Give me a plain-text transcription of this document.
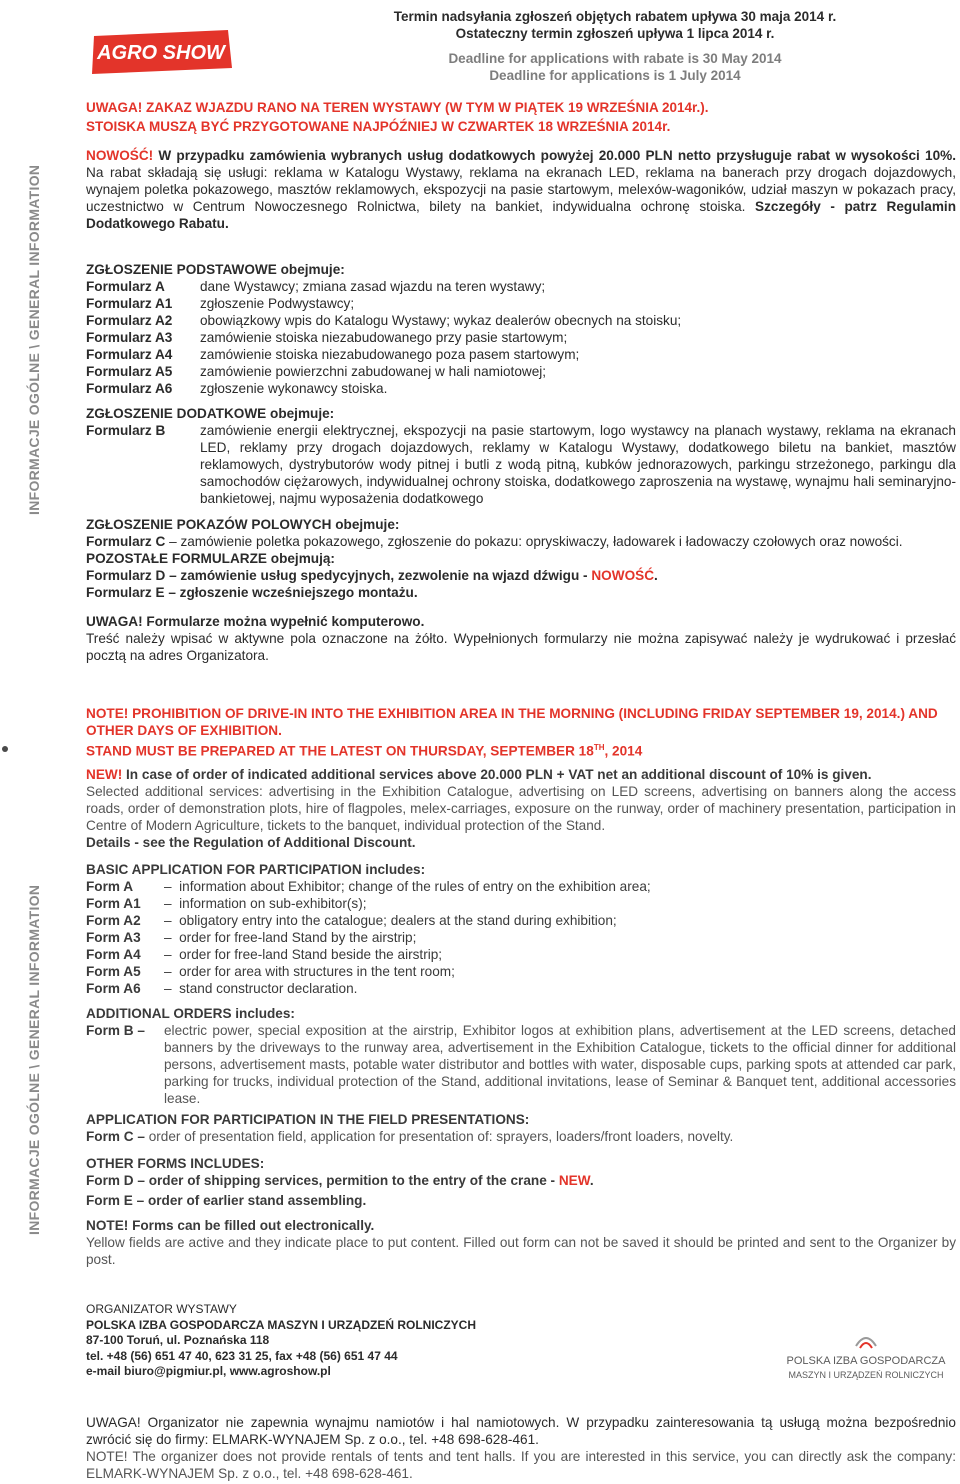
AGRO SHOW
Termin nadsyłania zgłoszeń objętych rabatem upływa 30 maja 2014 r.
Ostateczny termin zgłoszeń upływa 1 lipca 2014 r.
Deadline for applications with rabate is 30 May 2014
Deadline for applications is 1 July 2014
UWAGA! ZAKAZ WJAZDU RANO NA TEREN WYSTAWY (W TYM W PIĄTEK 19 WRZEŚNIA 2014r.).
STOISKA MUSZĄ BYĆ PRZYGOTOWANE NAJPÓŹNIEJ W CZWARTEK 18 WRZEŚNIA 2014r.
INFORMACJE OGÓLNE \ GENERAL INFORMATION
INFORMACJE OGÓLNE \ GENERAL INFORMATION

NOWOŚĆ! W przypadku zamówienia wybranych usług dodatkowych powyżej 20.000 PLN netto przysługuje rabat w wysokości 10%. Na rabat składają się usługi: reklama w Katalogu Wystawy, reklama na ekranach LED, reklama na banerach przy drogach dojazdowych, wynajem poletka pokazowego, masztów reklamowych, ekspozycji na pasie startowym, melexów-wagoników, udział maszyn w pokazach pracy, uczestnictwo w Centrum Nowoczesnego Rolnictwa, bilety na bankiet, indywidualna ochronę stoiska. Szczegóły - patrz Regulamin Dodatkowego Rabatu.

ZGŁOSZENIE PODSTAWOWE obejmuje:
Formularz A	dane Wystawcy; zmiana zasad wjazdu na teren wystawy;
Formularz A1	zgłoszenie Podwystawcy;
Formularz A2	obowiązkowy wpis do Katalogu Wystawy; wykaz dealerów obecnych na stoisku;
Formularz A3	zamówienie stoiska niezabudowanego przy pasie startowym;
Formularz A4	zamówienie stoiska niezabudowanego poza pasem startowym;
Formularz A5	zamówienie powierzchni zabudowanej w hali namiotowej;
Formularz A6	zgłoszenie wykonawcy stoiska.
ZGŁOSZENIE DODATKOWE obejmuje:
Formularz B	zamówienie energii elektrycznej, ekspozycji na pasie startowym, logo wystawcy na planach wystawy, reklama na ekranach LED, reklamy przy drogach dojazdowych, reklamy w Katalogu Wystawy, dodatkowego biletu na bankiet, masztów reklamowych, dystrybutorów wody pitnej i butli z wodą pitną, kubków jednorazowych, parkingu strzeżonego, parkingu dla samochodów ciężarowych, indywidualnej ochrony stoiska, dodatkowego zaproszenia na wystawę, wynajmu hali seminaryjno-bankietowej, najmu wyposażenia dodatkowego
ZGŁOSZENIE POKAZÓW POLOWYCH obejmuje:

Formularz C – zamówienie poletka pokazowego, zgłoszenie do pokazu: opryskiwaczy, ładowarek i ładowaczy czołowych oraz nowości.

POZOSTAŁE FORMULARZE obejmują:
Formularz D – zamówienie usług spedycyjnych, zezwolenie na wjazd dźwigu - NOWOŚĆ.
Formularz E – zgłoszenie wcześniejszego montażu.
UWAGA! Formularze można wypełnić komputerowo.

Treść należy wpisać w aktywne pola oznaczone na żółto. Wypełnionych formularzy nie można zapisywać należy je wydrukować i przesłać pocztą na adres Organizatora.

NOTE! PROHIBITION OF DRIVE-IN INTO THE EXHIBITION AREA IN THE MORNING (INCLUDING FRIDAY SEPTEMBER 19, 2014.) AND OTHER DAYS OF EXHIBITION.
STAND MUST BE PREPARED AT THE LATEST ON THURSDAY, SEPTEMBER 18TH, 2014
NEW! In case of order of indicated additional services above 20.000 PLN + VAT net an additional discount of 10% is given.

Selected additional services: advertising in the Exhibition Catalogue, advertising on LED screens, advertising on banners along the access roads, order of demonstration plots, hire of flagpoles, melex-carriages, exposure on the runway, order of machinery presentation, participation in Centre of Modern Agriculture, tickets to the banquet, individual protection of the Stand.

Details - see the Regulation of Additional Discount.
BASIC APPLICATION FOR PARTICIPATION includes:
Form A	– information about Exhibitor; change of the rules of entry on the exhibition area;
Form A1	– information on sub-exhibitor(s);
Form A2	– obligatory entry into the catalogue; dealers at the stand during exhibition;
Form A3	– order for free-land Stand by the airstrip;
Form A4	– order for free-land Stand beside the airstrip;
Form A5	– order for area with structures in the tent room;
Form A6	– stand constructor declaration.
ADDITIONAL ORDERS includes:
Form B –	electric power, special exposition at the airstrip, Exhibitor logos at exhibition plans, advertisement at the LED screens, detached banners by the driveways to the runway area, advertisement in the Exhibition Catalogue, tickets to the official dinner for additional persons, advertisement masts, potable water distributor and bottles with water, disposable cups, parking spots at attended car park, parking for trucks, individual protection of the Stand, additional invitations, lease of Seminar & Banquet tent, additional accessories lease.
APPLICATION FOR PARTICIPATION IN THE FIELD PRESENTATIONS:
Form C – order of presentation field, application for presentation of: sprayers, loaders/front loaders, novelty.
OTHER FORMS INCLUDES:
Form D – order of shipping services, permition to the entry of the crane - NEW.
Form E – order of earlier stand assembling.
NOTE! Forms can be filled out electronically.

Yellow fields are active and they indicate place to put content. Filled out form can not be saved it should be printed and sent to the Organizer by post.

ORGANIZATOR WYSTAWY
POLSKA IZBA GOSPODARCZA MASZYN I URZĄDZEŃ ROLNICZYCH
87-100 Toruń, ul. Poznańska 118
tel. +48 (56) 651 47 40, 623 31 25, fax +48 (56) 651 47 44
e-mail biuro@pigmiur.pl, www.agroshow.pl
POLSKA IZBA GOSPODARCZA
MASZYN I URZĄDZEŃ ROLNICZYCH

UWAGA! Organizator nie zapewnia wynajmu namiotów i hal namiotowych. W przypadku zainteresowania tą usługą można bezpośrednio zwrócić się do firmy: ELMARK-WYNAJEM Sp. z o.o., tel. +48 698-628-461.

NOTE! The organizer does not provide rentals of tents and tent halls. If you are interested in this service, you can directly ask the company: ELMARK-WYNAJEM Sp. z o.o., tel. +48 698-628-461.
